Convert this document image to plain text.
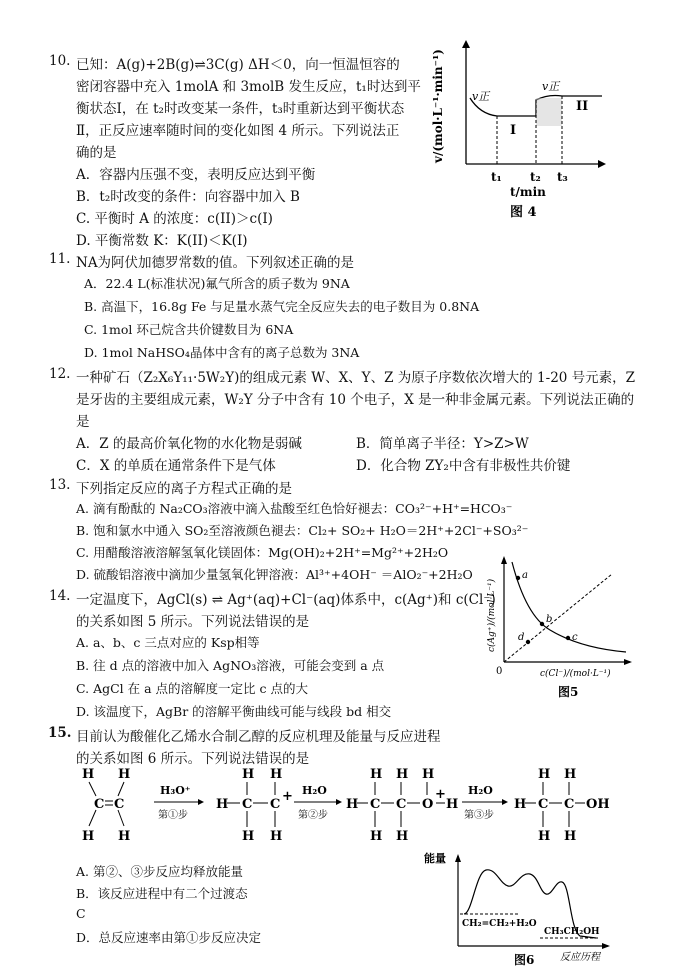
10. 已知：A(g)+2B(g)⇌3C(g) ΔH＜0，向一恒温恒容的
密闭容器中充入 1molA 和 3molB 发生反应，t₁时达到平
衡状态Ⅰ，在 t₂时改变某一条件，t₃时重新达到平衡状态
Ⅱ，正反应速率随时间的变化如图 4 所示。下列说法正
确的是
A．容器内压强不变，表明反应达到平衡
B．t₂时改变的条件：向容器中加入 B
C. 平衡时 A 的浓度：c(II)＞c(I)
D. 平衡常数 K：K(II)＜K(I)
v/(mol·L⁻¹·min⁻¹) v正
v正
I
II
t₁ t₂ t₃
t/min
图 4
11. NA为阿伏加德罗常数的值。下列叙述正确的是
A．22.4 L(标准状况)氟气所含的质子数为 9NA
B. 高温下，16.8g Fe 与足量水蒸气完全反应失去的电子数目为 0.8NA
C. 1mol 环己烷含共价键数目为 6NA
D. 1mol NaHSO₄晶体中含有的离子总数为 3NA
12. 一种矿石（Z₂X₆Y₁₁·5W₂Y)的组成元素 W、X、Y、Z 为原子序数依次增大的 1-20 号元素，Z
是牙齿的主要组成元素，W₂Y 分子中含有 10 个电子，X 是一种非金属元素。下列说法正确的
是
A．Z 的最高价氧化物的水化物是弱碱	B．简单离子半径：Y>Z>W
C．X 的单质在通常条件下是气体	D．化合物 ZY₂中含有非极性共价键
13. 下列指定反应的离子方程式正确的是
A. 滴有酚酞的 Na₂CO₃溶液中滴入盐酸至红色恰好褪去：CO₃²⁻+H⁺=HCO₃⁻
B. 饱和氯水中通入 SO₂至溶液颜色褪去：Cl₂+ SO₂+ H₂O＝2H⁺+2Cl⁻+SO₃²⁻
C. 用醋酸溶液溶解氢氧化镁固体：Mg(OH)₂+2H⁺=Mg²⁺+2H₂O
D. 硫酸铝溶液中滴加少量氢氧化钾溶液：Al³⁺+4OH⁻ ＝AlO₂⁻+2H₂O
14. 一定温度下，AgCl(s) ⇌ Ag⁺(aq)+Cl⁻(aq)体系中，c(Ag⁺)和 c(Cl⁻)
的关系如图 5 所示。下列说法错误的是
A. a、b、c 三点对应的 Ksp相等
B. 往 d 点的溶液中加入 AgNO₃溶液，可能会变到 a 点
C. AgCl 在 a 点的溶解度一定比 c 点的大
D. 该温度下，AgBr 的溶解平衡曲线可能与线段 bd 相交
c(Ag⁺)/(mol·L⁻¹)
0
a
b
c
d
c(Cl⁻)/(mol·L⁻¹)
图5
15. 目前认为酸催化乙烯水合制乙醇的反应机理及能量与反应进程
的关系如图 6 所示。下列说法错误的是
H H
C C
H H
H₃O⁺
第①步
H H
H C C
+
H H
H₂O
第②步
H H H
H C C O
+
H
H H
H₂O
第③步
H H
H C C OH
H H
A. 第②、③步反应均释放能量
B．该反应进程中有二个过渡态
C
D．总反应速率由第①步反应决定
能量
CH₂=CH₂+H₂O
CH₃CH₂OH
反应历程
图6
